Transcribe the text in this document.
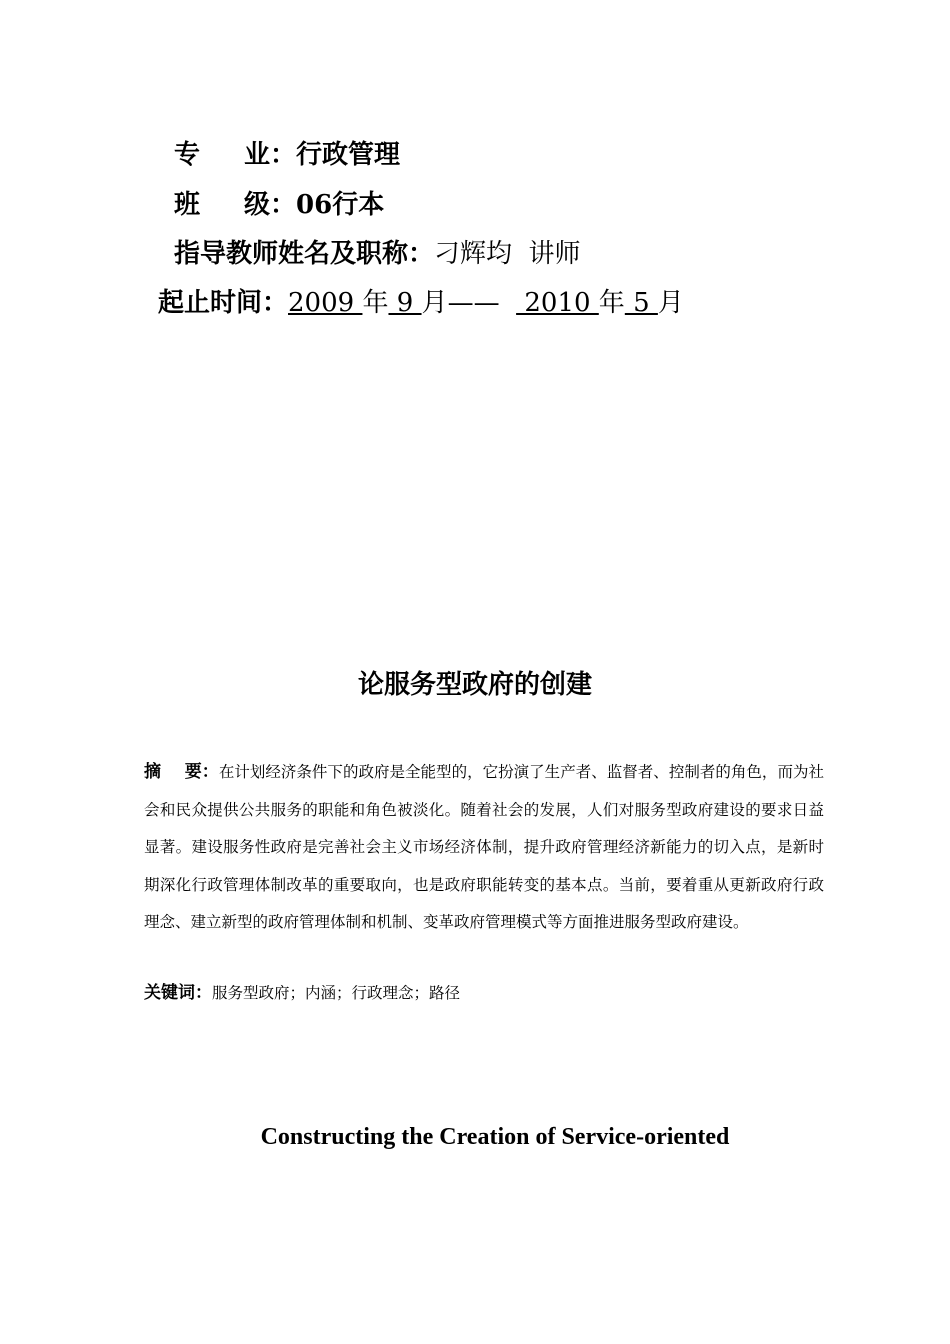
专 业：行政管理
班 级：06行本
指导教师姓名及职称：刁辉均  讲师
起止时间：2009 年 9 月——   2010 年 5 月
论服务型政府的创建
摘    要：在计划经济条件下的政府是全能型的，它扮演了生产者、监督者、控制者的角色，而为社会和民众提供公共服务的职能和角色被淡化。随着社会的发展，人们对服务型政府建设的要求日益显著。建设服务性政府是完善社会主义市场经济体制，提升政府管理经济新能力的切入点，是新时期深化行政管理体制改革的重要取向，也是政府职能转变的基本点。当前，要着重从更新政府行政理念、建立新型的政府管理体制和机制、变革政府管理模式等方面推进服务型政府建设。
关键词：服务型政府；内涵；行政理念；路径
Constructing the Creation of Service-oriented
